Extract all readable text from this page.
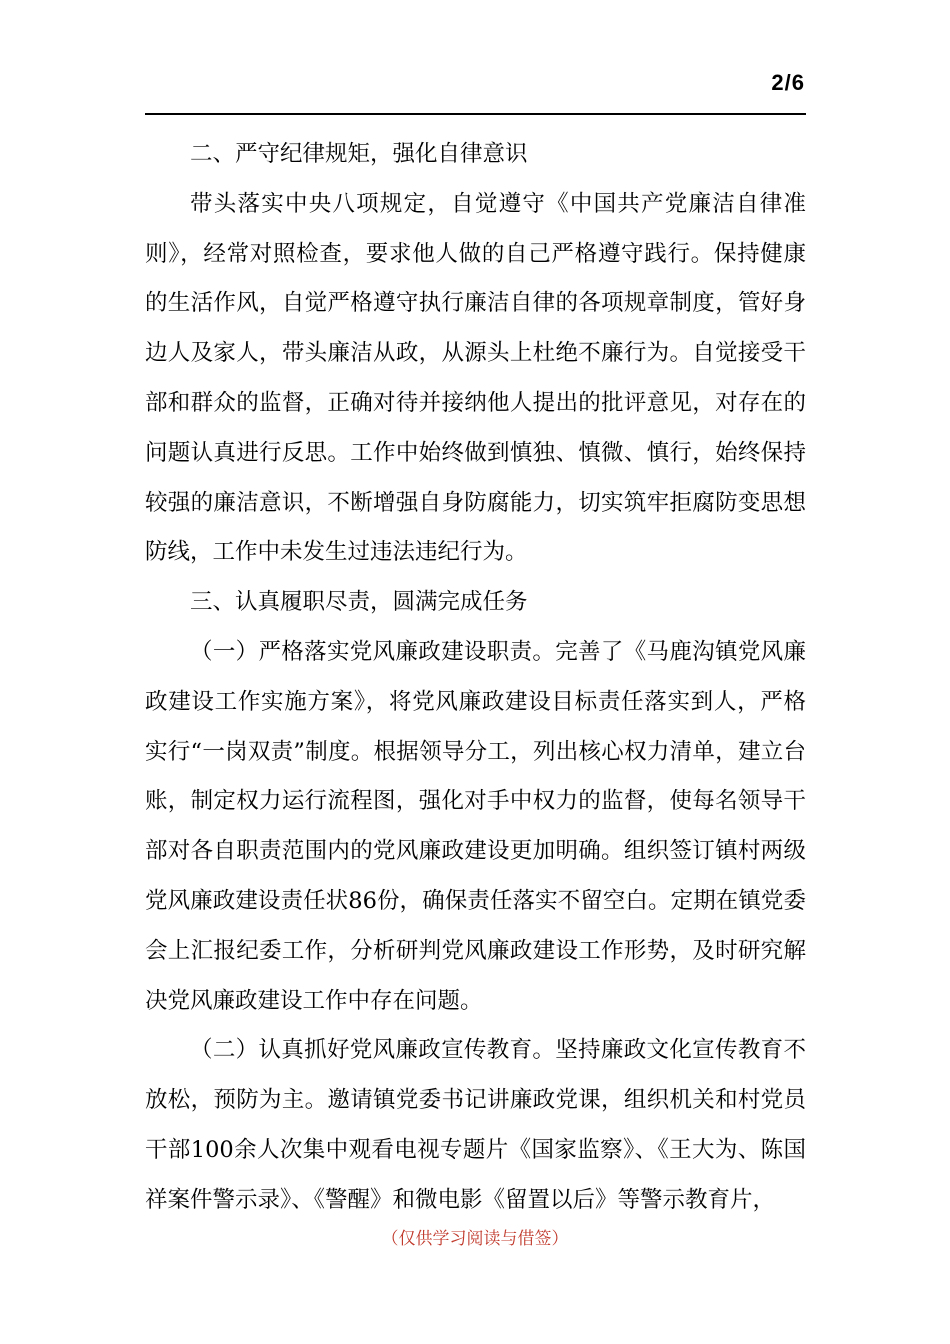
2/6

二、严守纪律规矩，强化自律意识

带头落实中央八项规定，自觉遵守《中国共产党廉洁自律准则》，经常对照检查，要求他人做的自己严格遵守践行。保持健康的生活作风，自觉严格遵守执行廉洁自律的各项规章制度，管好身边人及家人，带头廉洁从政，从源头上杜绝不廉行为。自觉接受干部和群众的监督，正确对待并接纳他人提出的批评意见，对存在的问题认真进行反思。工作中始终做到慎独、慎微、慎行，始终保持较强的廉洁意识，不断增强自身防腐能力，切实筑牢拒腐防变思想防线，工作中未发生过违法违纪行为。

三、认真履职尽责，圆满完成任务

（一）严格落实党风廉政建设职责。完善了《马鹿沟镇党风廉政建设工作实施方案》，将党风廉政建设目标责任落实到人，严格实行“一岗双责”制度。根据领导分工，列出核心权力清单，建立台账，制定权力运行流程图，强化对手中权力的监督，使每名领导干部对各自职责范围内的党风廉政建设更加明确。组织签订镇村两级党风廉政建设责任状86份，确保责任落实不留空白。定期在镇党委会上汇报纪委工作，分析研判党风廉政建设工作形势，及时研究解决党风廉政建设工作中存在问题。

（二）认真抓好党风廉政宣传教育。坚持廉政文化宣传教育不放松，预防为主。邀请镇党委书记讲廉政党课，组织机关和村党员干部100余人次集中观看电视专题片《国家监察》、《王大为、陈国祥案件警示录》、《警醒》和微电影《留置以后》等警示教育片，

（仅供学习阅读与借签）
